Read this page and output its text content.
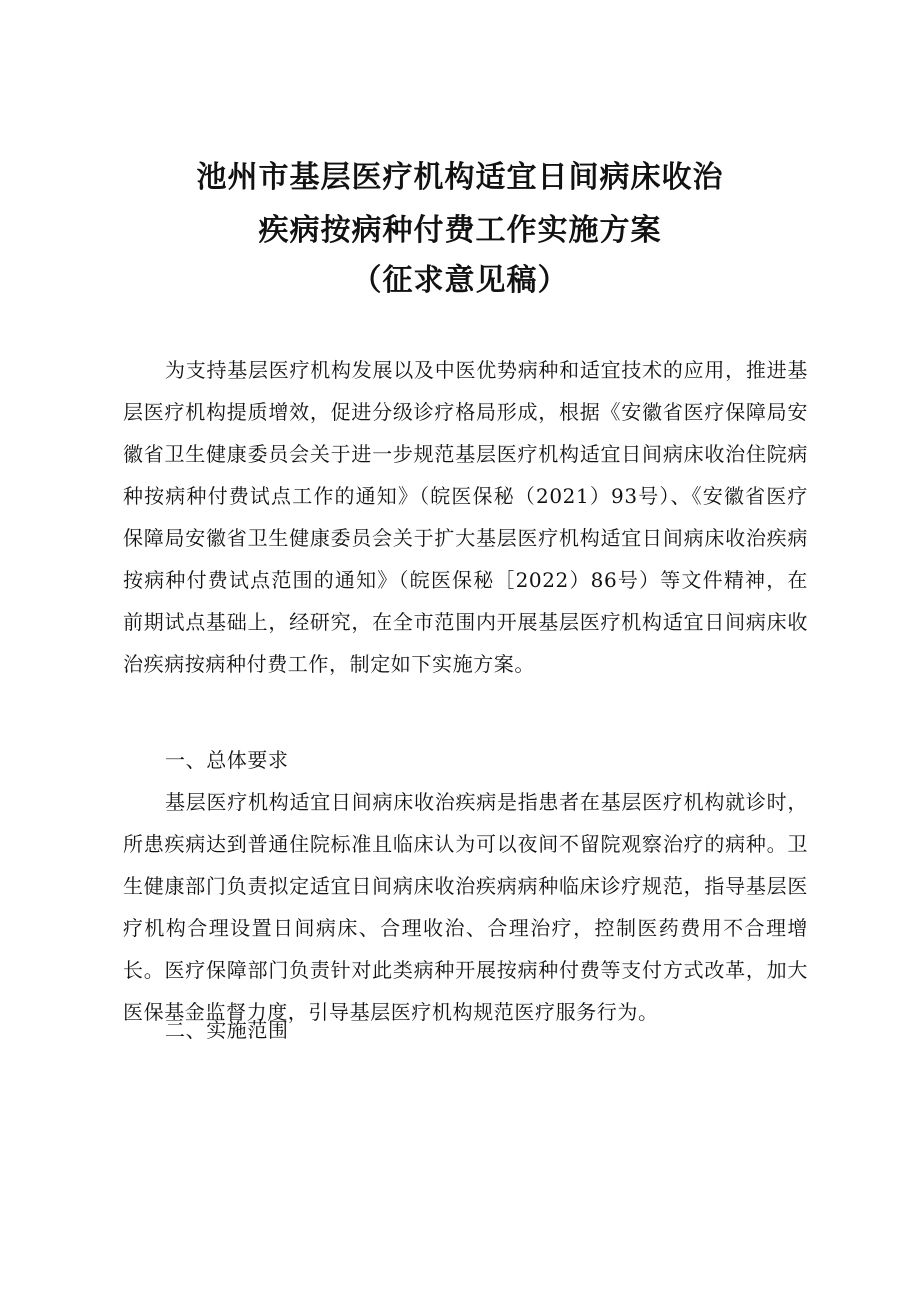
池州市基层医疗机构适宜日间病床收治
疾病按病种付费工作实施方案
（征求意见稿）

为支持基层医疗机构发展以及中医优势病种和适宜技术的应用，推进基层医疗机构提质增效，促进分级诊疗格局形成，根据《安徽省医疗保障局安徽省卫生健康委员会关于进一步规范基层医疗机构适宜日间病床收治住院病种按病种付费试点工作的通知》（皖医保秘（2021）93号）、《安徽省医疗保障局安徽省卫生健康委员会关于扩大基层医疗机构适宜日间病床收治疾病按病种付费试点范围的通知》（皖医保秘［2022）86号）等文件精神，在前期试点基础上，经研究，在全市范围内开展基层医疗机构适宜日间病床收治疾病按病种付费工作，制定如下实施方案。

一、总体要求

基层医疗机构适宜日间病床收治疾病是指患者在基层医疗机构就诊时，所患疾病达到普通住院标准且临床认为可以夜间不留院观察治疗的病种。卫生健康部门负责拟定适宜日间病床收治疾病病种临床诊疗规范，指导基层医疗机构合理设置日间病床、合理收治、合理治疗，控制医药费用不合理增长。医疗保障部门负责针对此类病种开展按病种付费等支付方式改革，加大医保基金监督力度，引导基层医疗机构规范医疗服务行为。

二、实施范围
